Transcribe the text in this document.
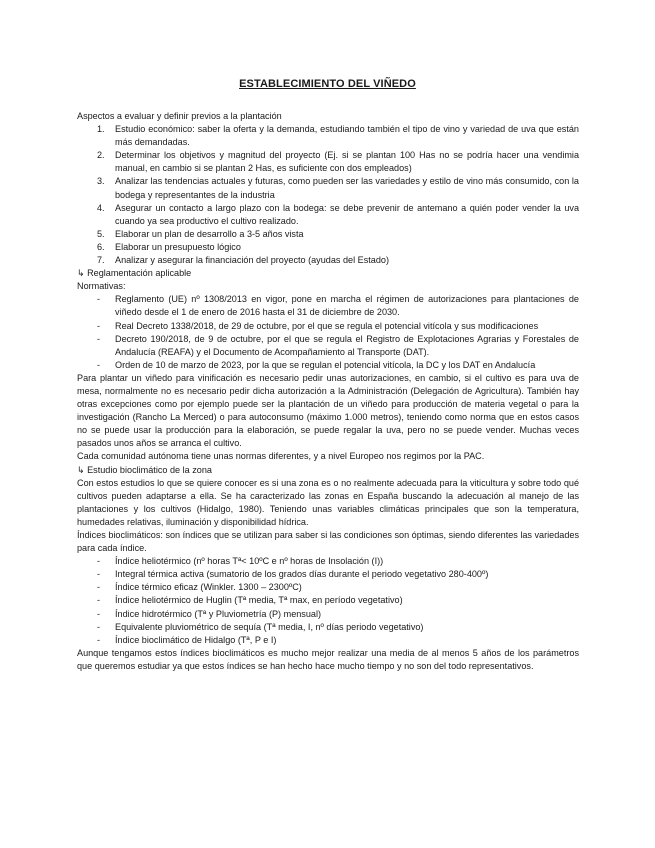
ESTABLECIMIENTO DEL VIÑEDO

Aspectos a evaluar y definir previos a la plantación

1. Estudio económico: saber la oferta y la demanda, estudiando también el tipo de vino y variedad de uva que están más demandadas.
2. Determinar los objetivos y magnitud del proyecto (Ej. si se plantan 100 Has no se podría hacer una vendimia manual, en cambio si se plantan 2 Has, es suficiente con dos empleados)
3. Analizar las tendencias actuales y futuras, como pueden ser las variedades y estilo de vino más consumido, con la bodega y representantes de la industria
4. Asegurar un contacto a largo plazo con la bodega: se debe prevenir de antemano a quién poder vender la uva cuando ya sea productivo el cultivo realizado.
5. Elaborar un plan de desarrollo a 3-5 años vista
6. Elaborar un presupuesto lógico
7. Analizar y asegurar la financiación del proyecto (ayudas del Estado)

↳ Reglamentación aplicable

Normativas:

- Reglamento (UE) nº 1308/2013 en vigor, pone en marcha el régimen de autorizaciones para plantaciones de viñedo desde el 1 de enero de 2016 hasta el 31 de diciembre de 2030.
- Real Decreto 1338/2018, de 29 de octubre, por el que se regula el potencial vitícola y sus modificaciones
- Decreto 190/2018, de 9 de octubre, por el que se regula el Registro de Explotaciones Agrarias y Forestales de Andalucía (REAFA) y el Documento de Acompañamiento al Transporte (DAT).
- Orden de 10 de marzo de 2023, por la que se regulan el potencial vitícola, la DC y los DAT en Andalucía

Para plantar un viñedo para vinificación es necesario pedir unas autorizaciones, en cambio, si el cultivo es para uva de mesa, normalmente no es necesario pedir dicha autorización a la Administración (Delegación de Agricultura). También hay otras excepciones como por ejemplo puede ser la plantación de un viñedo para producción de materia vegetal o para la investigación (Rancho La Merced) o para autoconsumo (máximo 1.000 metros), teniendo como norma que en estos casos no se puede usar la producción para la elaboración, se puede regalar la uva, pero no se puede vender. Muchas veces pasados unos años se arranca el cultivo.

Cada comunidad autónoma tiene unas normas diferentes, y a nivel Europeo nos regimos por la PAC.

↳ Estudio bioclimático de la zona

Con estos estudios lo que se quiere conocer es si una zona es o no realmente adecuada para la viticultura y sobre todo qué cultivos pueden adaptarse a ella. Se ha caracterizado las zonas en España buscando la adecuación al manejo de las plantaciones y los cultivos (Hidalgo, 1980). Teniendo unas variables climáticas principales que son la temperatura, humedades relativas, iluminación y disponibilidad hídrica.

Índices bioclimáticos: son índices que se utilizan para saber si las condiciones son óptimas, siendo diferentes las variedades para cada índice.

- Índice heliotérmico (nº horas Tª< 10ºC e nº horas de Insolación (I))
- Integral térmica activa (sumatorio de los grados días durante el periodo vegetativo 280-400º)
- Índice térmico eficaz (Winkler. 1300 – 2300ºC)
- Índice heliotérmico de Huglin (Tª media, Tª max, en período vegetativo)
- Índice hidrotérmico (Tª y Pluviometría (P) mensual)
- Equivalente pluviométrico de sequía (Tª media, I, nº días periodo vegetativo)
- Índice bioclimático de Hidalgo (Tª, P e I)

Aunque tengamos estos índices bioclimáticos es mucho mejor realizar una media de al menos 5 años de los parámetros que queremos estudiar ya que estos índices se han hecho hace mucho tiempo y no son del todo representativos.
